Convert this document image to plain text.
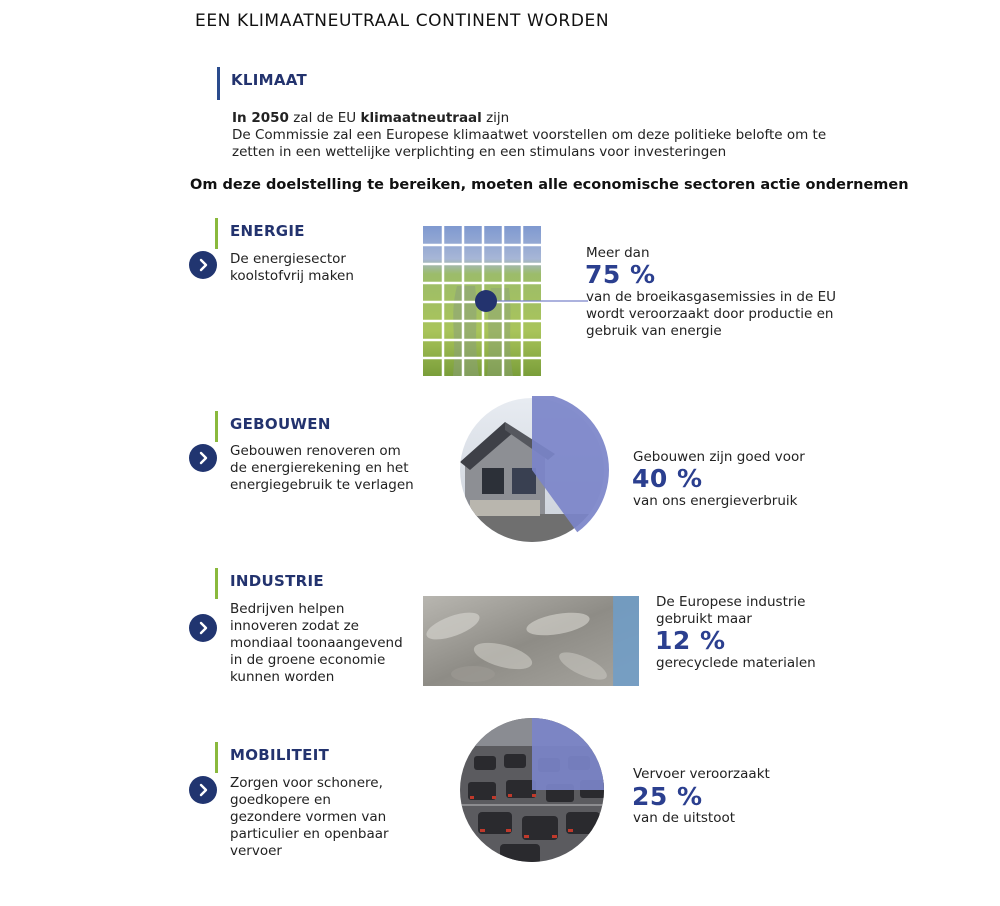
EEN KLIMAATNEUTRAAL CONTINENT WORDEN
KLIMAAT
In 2050 zal de EU klimaatneutraal zijn
De Commissie zal een Europese klimaatwet voorstellen om deze politieke belofte om te zetten in een wettelijke verplichting en een stimulans voor investeringen
Om deze doelstelling te bereiken, moeten alle economische sectoren actie ondernemen
ENERGIE
De energiesector koolstofvrij maken
Meer dan
75 %
van de broeikasgasemissies in de EU wordt veroorzaakt door productie en gebruik van energie
GEBOUWEN
Gebouwen renoveren om de energierekening en het energiegebruik te verlagen
Gebouwen zijn goed voor
40 %
van ons energieverbruik
INDUSTRIE
Bedrijven helpen innoveren zodat ze mondiaal toonaangevend in de groene economie kunnen worden
De Europese industrie gebruikt maar
12 %
gerecyclede materialen
MOBILITEIT
Zorgen voor schonere, goedkopere en gezondere vormen van particulier en openbaar vervoer
Vervoer veroorzaakt
25 %
van de uitstoot
